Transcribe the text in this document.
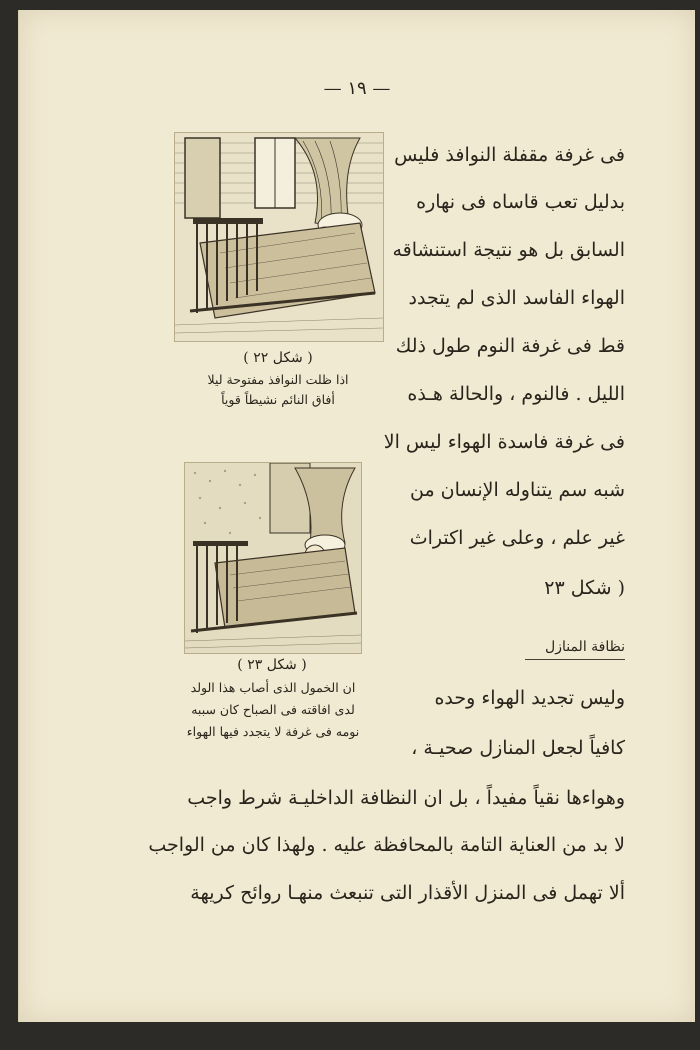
— ١٩ —
( شكل ٢٢ )
اذا ظلت النوافذ مفتوحة ليلا
أفاق النائم نشيطاً قوياً
( شكل ٢٣ )
ان الخمول الذى أصاب هذا الولد
لدى افاقته فى الصباح كان سببه
نومه فى غرفة لا يتجدد فيها الهواء
فى غرفة مقفلة النوافذ فليس
بدليل تعب قاساه فى نهاره
السابق بل هو نتيجة استنشاقه
الهواء الفاسد الذى لم يتجدد
قط فى غرفة النوم طول ذلك
الليل . فالنوم ، والحالة هـذه
فى غرفة فاسدة الهواء ليس الا
شبه سم يتناوله الإنسان من
غير علم ، وعلى غير اكتراث
( شكل ٢٣
نظافة المنازل
وليس تجديد الهواء وحده
كافياً لجعل المنازل صحيـة ،
وهواءها نقياً مفيداً ، بل ان النظافة الداخليـة شرط واجب
لا بد من العناية التامة بالمحافظة عليه . ولهذا كان من الواجب
ألا تهمل فى المنزل الأقذار التى تنبعث منهـا روائح كريهة
